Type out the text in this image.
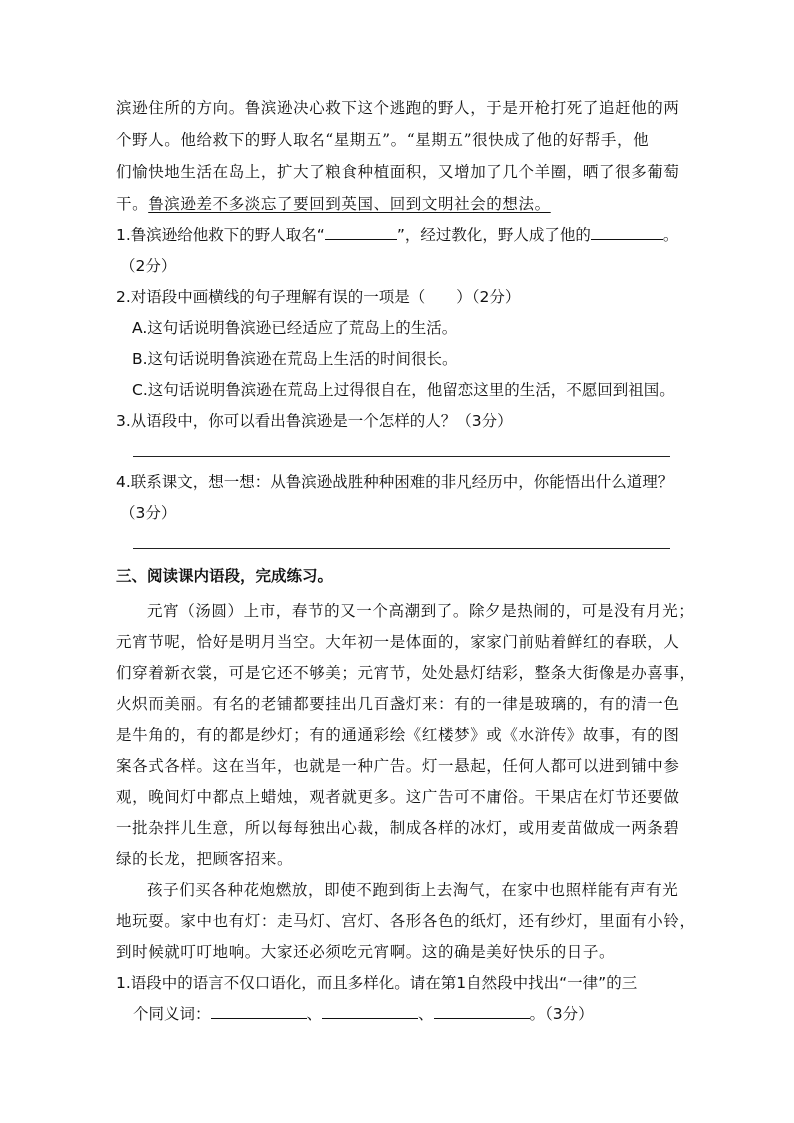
滨逊住所的方向。鲁滨逊决心救下这个逃跑的野人，于是开枪打死了追赶他的两
个野人。他给救下的野人取名“星期五”。“星期五”很快成了他的好帮手，他
们愉快地生活在岛上，扩大了粮食种植面积，又增加了几个羊圈，晒了很多葡萄
干。鲁滨逊差不多淡忘了要回到英国、回到文明社会的想法。
1.鲁滨逊给他救下的野人取名“	”，经过教化，野人成了他的	。
（2分）
2.对语段中画横线的句子理解有误的一项是（　　）（2分）
A.这句话说明鲁滨逊已经适应了荒岛上的生活。
B.这句话说明鲁滨逊在荒岛上生活的时间很长。
C.这句话说明鲁滨逊在荒岛上过得很自在，他留恋这里的生活，不愿回到祖国。
3.从语段中，你可以看出鲁滨逊是一个怎样的人？（3分）
4.联系课文，想一想：从鲁滨逊战胜种种困难的非凡经历中，你能悟出什么道理？
（3分）
三、阅读课内语段，完成练习。
元宵（汤圆）上市，春节的又一个高潮到了。除夕是热闹的，可是没有月光；
元宵节呢，恰好是明月当空。大年初一是体面的，家家门前贴着鲜红的春联，人
们穿着新衣裳，可是它还不够美；元宵节，处处悬灯结彩，整条大街像是办喜事，
火炽而美丽。有名的老铺都要挂出几百盏灯来：有的一律是玻璃的，有的清一色
是牛角的，有的都是纱灯；有的通通彩绘《红楼梦》或《水浒传》故事，有的图
案各式各样。这在当年，也就是一种广告。灯一悬起，任何人都可以进到铺中参
观，晚间灯中都点上蜡烛，观者就更多。这广告可不庸俗。干果店在灯节还要做
一批杂拌儿生意，所以每每独出心裁，制成各样的冰灯，或用麦苗做成一两条碧
绿的长龙，把顾客招来。
孩子们买各种花炮燃放，即使不跑到街上去淘气，在家中也照样能有声有光
地玩耍。家中也有灯：走马灯、宫灯、各形各色的纸灯，还有纱灯，里面有小铃，
到时候就叮叮地响。大家还必须吃元宵啊。这的确是美好快乐的日子。
1.语段中的语言不仅口语化，而且多样化。请在第1自然段中找出“一律”的三
个同义词：	、	、	。（3分）
